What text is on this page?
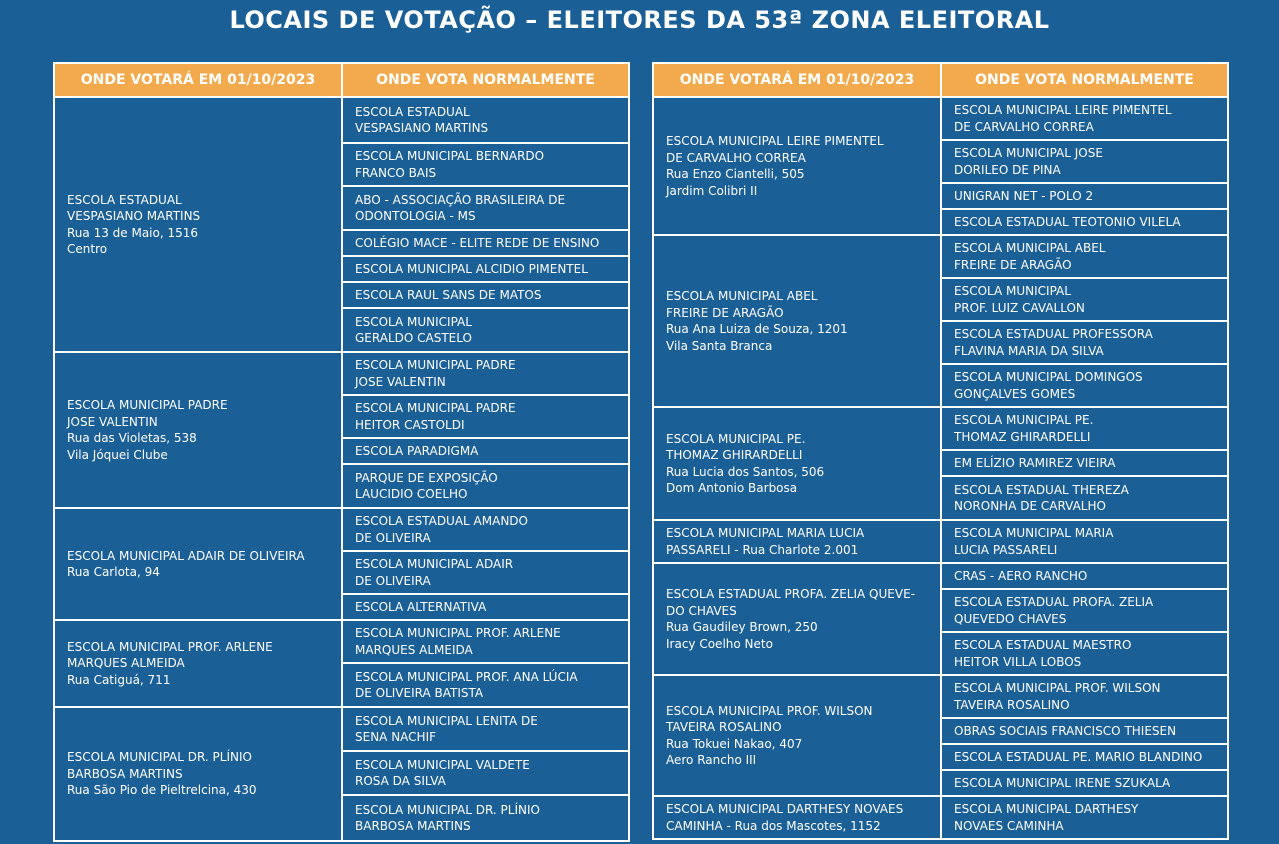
LOCAIS DE VOTAÇÃO – ELEITORES DA 53ª ZONA ELEITORAL
ONDE VOTARÁ EM 01/10/2023	ONDE VOTA NORMALMENTE

ESCOLA ESTADUAL
VESPASIANO MARTINS
Rua 13 de Maio, 1516
Centro	ESCOLA ESTADUAL
VESPASIANO MARTINS

	ESCOLA MUNICIPAL BERNARDO
FRANCO BAIS

	ABO - ASSOCIAÇÃO BRASILEIRA DE
ODONTOLOGIA - MS

	COLÉGIO MACE - ELITE REDE DE ENSINO

	ESCOLA MUNICIPAL ALCIDIO PIMENTEL

	ESCOLA RAUL SANS DE MATOS

	ESCOLA MUNICIPAL
GERALDO CASTELO

ESCOLA MUNICIPAL PADRE
JOSE VALENTIN
Rua das Violetas, 538
Vila Jóquei Clube	ESCOLA MUNICIPAL PADRE
JOSE VALENTIN

	ESCOLA MUNICIPAL PADRE
HEITOR CASTOLDI

	ESCOLA PARADIGMA

	PARQUE DE EXPOSIÇÃO
LAUCIDIO COELHO

ESCOLA MUNICIPAL ADAIR DE OLIVEIRA
Rua Carlota, 94	ESCOLA ESTADUAL AMANDO
DE OLIVEIRA

	ESCOLA MUNICIPAL ADAIR
DE OLIVEIRA

	ESCOLA ALTERNATIVA

ESCOLA MUNICIPAL PROF. ARLENE
MARQUES ALMEIDA
Rua Catiguá, 711	ESCOLA MUNICIPAL PROF. ARLENE
MARQUES ALMEIDA

	ESCOLA MUNICIPAL PROF. ANA LÚCIA
DE OLIVEIRA BATISTA

ESCOLA MUNICIPAL DR. PLÍNIO
BARBOSA MARTINS
Rua São Pio de Pieltrelcina, 430	ESCOLA MUNICIPAL LENITA DE
SENA NACHIF

	ESCOLA MUNICIPAL VALDETE
ROSA DA SILVA

	ESCOLA MUNICIPAL DR. PLÍNIO
BARBOSA MARTINS
ONDE VOTARÁ EM 01/10/2023	ONDE VOTA NORMALMENTE

ESCOLA MUNICIPAL LEIRE PIMENTEL
DE CARVALHO CORREA
Rua Enzo Ciantelli, 505
Jardim Colibri II	ESCOLA MUNICIPAL LEIRE PIMENTEL
DE CARVALHO CORREA

	ESCOLA MUNICIPAL JOSE
DORILEO DE PINA

	UNIGRAN NET - POLO 2

	ESCOLA ESTADUAL TEOTONIO VILELA

ESCOLA MUNICIPAL ABEL
FREIRE DE ARAGÃO
Rua Ana Luiza de Souza, 1201
Vila Santa Branca	ESCOLA MUNICIPAL ABEL
FREIRE DE ARAGÃO

	ESCOLA MUNICIPAL
PROF. LUIZ CAVALLON

	ESCOLA ESTADUAL PROFESSORA
FLAVINA MARIA DA SILVA

	ESCOLA MUNICIPAL DOMINGOS
GONÇALVES GOMES

ESCOLA MUNICIPAL PE.
THOMAZ GHIRARDELLI
Rua Lucia dos Santos, 506
Dom Antonio Barbosa	ESCOLA MUNICIPAL PE.
THOMAZ GHIRARDELLI

	EM ELÍZIO RAMIREZ VIEIRA

	ESCOLA ESTADUAL THEREZA
NORONHA DE CARVALHO

ESCOLA MUNICIPAL MARIA LUCIA
PASSARELI - Rua Charlote 2.001	ESCOLA MUNICIPAL MARIA
LUCIA PASSARELI

ESCOLA ESTADUAL PROFA. ZELIA QUEVE-
DO CHAVES
Rua Gaudiley Brown, 250
Iracy Coelho Neto	CRAS - AERO RANCHO

	ESCOLA ESTADUAL PROFA. ZELIA
QUEVEDO CHAVES

	ESCOLA ESTADUAL MAESTRO
HEITOR VILLA LOBOS

ESCOLA MUNICIPAL PROF. WILSON
TAVEIRA ROSALINO
Rua Tokuei Nakao, 407
Aero Rancho III	ESCOLA MUNICIPAL PROF. WILSON
TAVEIRA ROSALINO

	OBRAS SOCIAIS FRANCISCO THIESEN

	ESCOLA ESTADUAL PE. MARIO BLANDINO

	ESCOLA MUNICIPAL IRENE SZUKALA

ESCOLA MUNICIPAL DARTHESY NOVAES
CAMINHA - Rua dos Mascotes, 1152	ESCOLA MUNICIPAL DARTHESY
NOVAES CAMINHA
